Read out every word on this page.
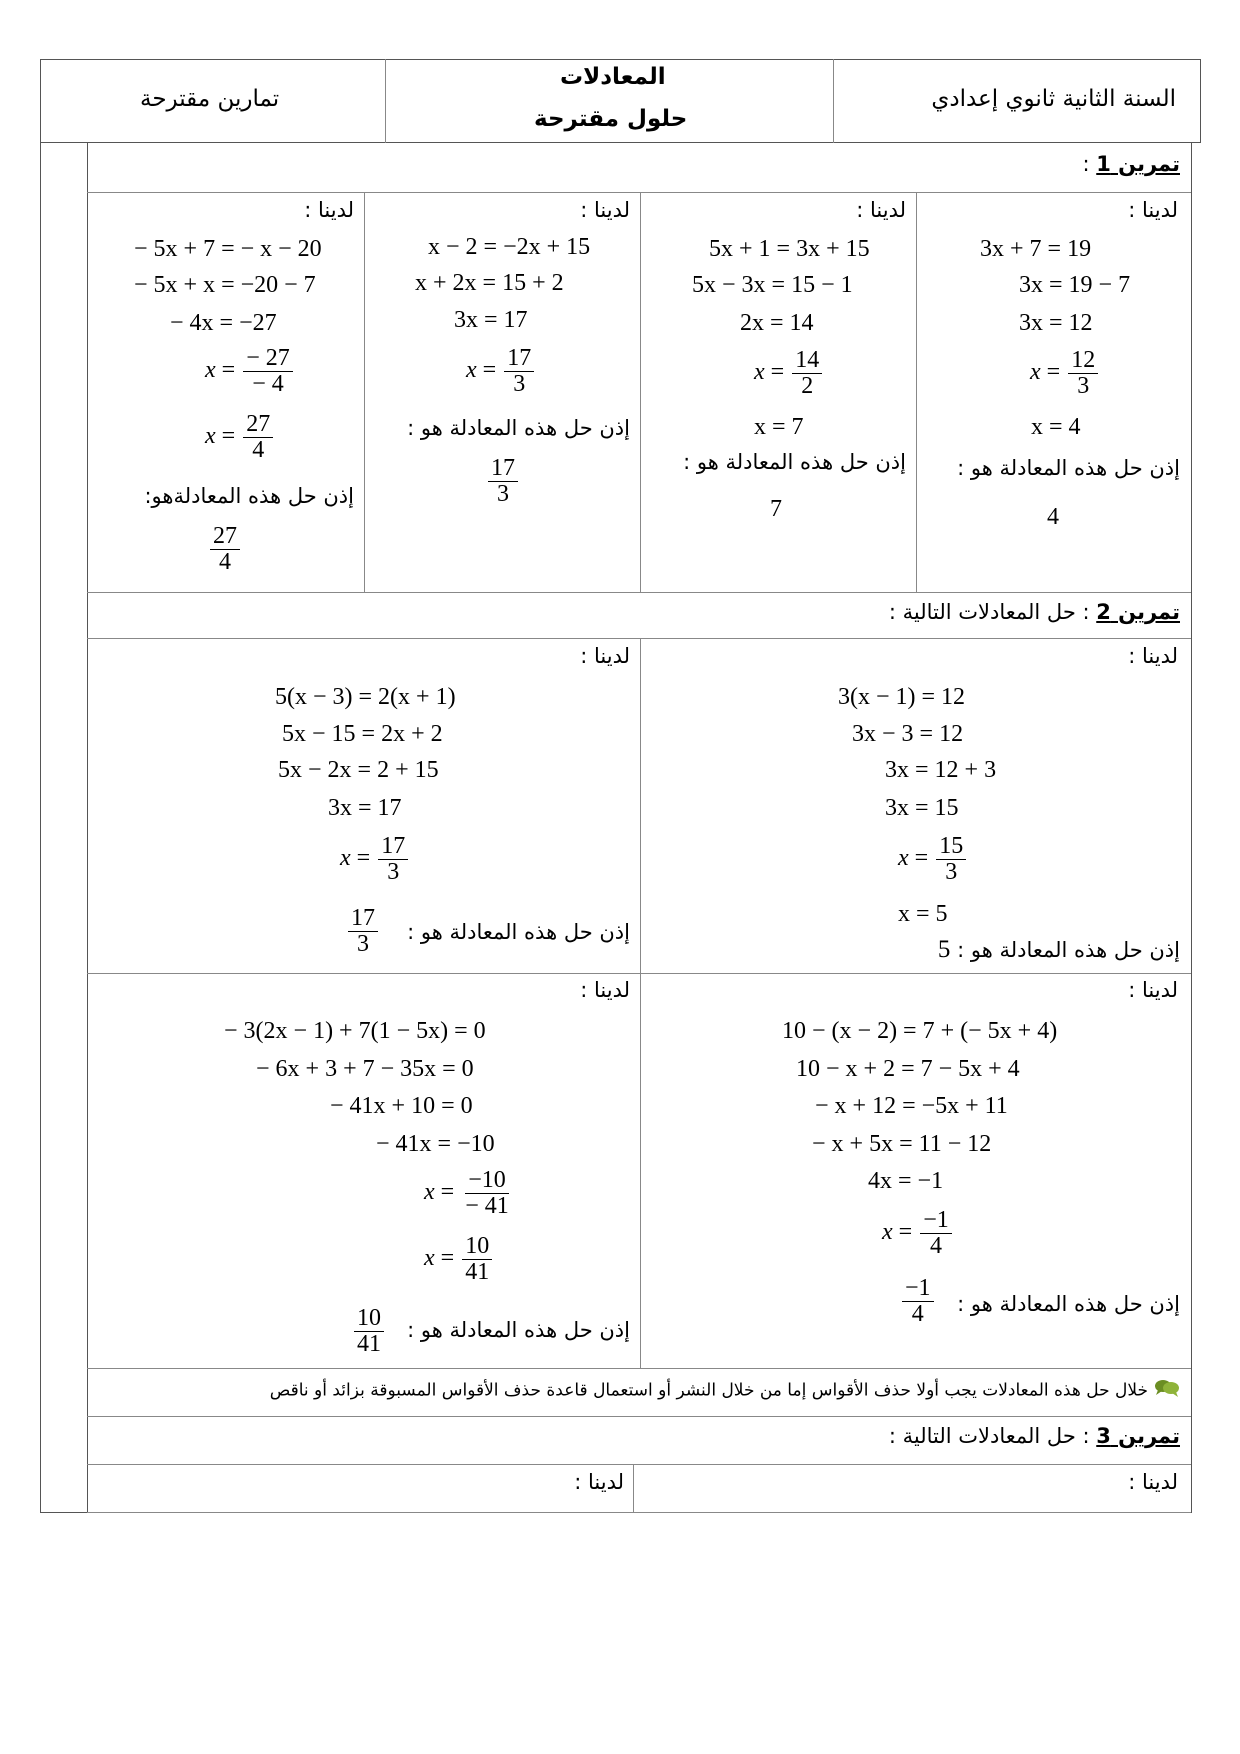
السنة الثانية ثانوي إعدادي
المعادلات
حلول مقترحة
تمارين مقترحة
تمرين 1 :
لدينا :
3x + 7 = 19
3x = 19 − 7
3x = 12
$x = \frac{12}{3}$
x = 4
إذن حل هذه المعادلة هو :
4
لدينا :
5x + 1 = 3x + 15
5x − 3x = 15 − 1
2x = 14
$x = \frac{14}{2}$
x = 7
إذن حل هذه المعادلة هو :
7
لدينا :
x − 2 = −2x + 15
x + 2x = 15 + 2
3x = 17
$x = \frac{17}{3}$
إذن حل هذه المعادلة هو :
$\frac{17}{3}$
لدينا :
− 5x + 7 = − x − 20
− 5x + x = −20 − 7
− 4x = −27
$x = \frac{- 27}{- 4}$
$x = \frac{27}{4}$
إذن حل هذه المعادلةهو:
$\frac{27}{4}$
تمرين 2 : حل المعادلات التالية :
لدينا :
3(x − 1) = 12
3x − 3 = 12
3x = 12 + 3
3x = 15
$x = \frac{15}{3}$
x = 5
إذن حل هذه المعادلة هو : 5
لدينا :
5(x − 3) = 2(x + 1)
5x − 15 = 2x + 2
5x − 2x = 2 + 15
3x = 17
$x = \frac{17}{3}$
إذن حل هذه المعادلة هو :
$\frac{17}{3}$
لدينا :
10 − (x − 2) = 7 + (− 5x + 4)
10 − x + 2 = 7 − 5x + 4
− x + 12 = −5x + 11
− x + 5x = 11 − 12
4x = −1
$x = \frac{-1}{4}$
إذن حل هذه المعادلة هو :
$\frac{-1}{4}$
لدينا :
− 3(2x − 1) + 7(1 − 5x) = 0
− 6x + 3 + 7 − 35x = 0
− 41x + 10 = 0
− 41x = −10
$x = \frac{-10}{- 41}$
$x = \frac{10}{41}$
إذن حل هذه المعادلة هو :
$\frac{10}{41}$
خلال حل هذه المعادلات يجب أولا حذف الأقواس إما من خلال النشر أو استعمال قاعدة حذف الأقواس المسبوقة بزائد أو ناقص
تمرين 3 : حل المعادلات التالية :
لدينا :
لدينا :
